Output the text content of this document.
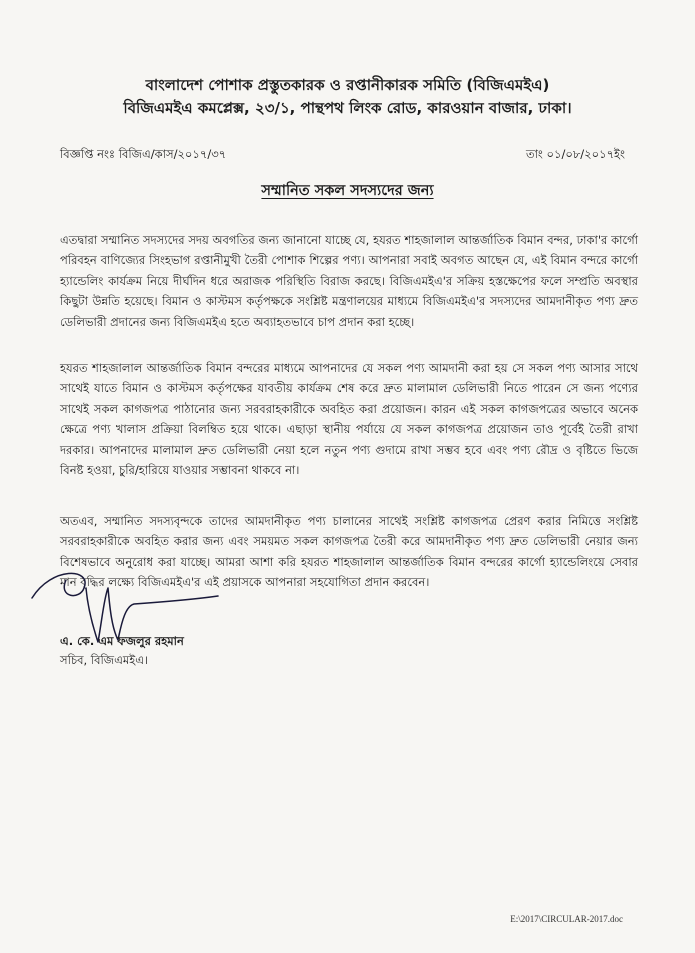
বাংলাদেশ পোশাক প্রস্তুতকারক ও রপ্তানীকারক সমিতি (বিজিএমইএ)
বিজিএমইএ কমপ্লেক্স, ২৩/১, পান্থপথ লিংক রোড, কারওয়ান বাজার, ঢাকা।
বিজ্ঞপ্তি নংঃ বিজিএ/কাস/২০১৭/৩৭	তাং ০১/০৮/২০১৭ইং
সম্মানিত সকল সদস্যদের জন্য

এতদ্বারা সম্মানিত সদস্যদের সদয় অবগতির জন্য জানানো যাচ্ছে যে, হযরত শাহজালাল আন্তর্জাতিক বিমান বন্দর, ঢাকা'র কার্গো পরিবহন বাণিজ্যের সিংহভাগ রপ্তানীমুখী তৈরী পোশাক শিল্পের পণ্য। আপনারা সবাই অবগত আছেন যে, এই বিমান বন্দরে কার্গো হ্যান্ডেলিং কার্যক্রম নিয়ে দীর্ঘদিন ধরে অরাজক পরিস্থিতি বিরাজ করছে। বিজিএমইএ'র সক্রিয় হস্তক্ষেপের ফলে সম্প্রতি অবস্থার কিছুটা উন্নতি হয়েছে। বিমান ও কাস্টমস কর্তৃপক্ষকে সংশ্লিষ্ট মন্ত্রণালয়ের মাধ্যমে বিজিএমইএ'র সদস্যদের আমদানীকৃত পণ্য দ্রুত ডেলিভারী প্রদানের জন্য বিজিএমইএ হতে অব্যাহতভাবে চাপ প্রদান করা হচ্ছে।

হযরত শাহজালাল আন্তর্জাতিক বিমান বন্দরের মাধ্যমে আপনাদের যে সকল পণ্য আমদানী করা হয় সে সকল পণ্য আসার সাথে সাথেই যাতে বিমান ও কাস্টমস কর্তৃপক্ষের যাবতীয় কার্যক্রম শেষ করে দ্রুত মালামাল ডেলিভারী নিতে পারেন সে জন্য পণ্যের সাথেই সকল কাগজপত্র পাঠানোর জন্য সরবরাহকারীকে অবহিত করা প্রয়োজন। কারন এই সকল কাগজপত্রের অভাবে অনেক ক্ষেত্রে পণ্য খালাস প্রক্রিয়া বিলম্বিত হয়ে থাকে। এছাড়া স্থানীয় পর্যায়ে যে সকল কাগজপত্র প্রয়োজন তাও পূর্বেই তৈরী রাখা দরকার। আপনাদের মালামাল দ্রুত ডেলিভারী নেয়া হলে নতুন পণ্য গুদামে রাখা সম্ভব হবে এবং পণ্য রৌদ্র ও বৃষ্টিতে ভিজে বিনষ্ট হওয়া, চুরি/হারিয়ে যাওয়ার সম্ভাবনা থাকবে না।

অতএব, সম্মানিত সদস্যবৃন্দকে তাদের আমদানীকৃত পণ্য চালানের সাথেই সংশ্লিষ্ট কাগজপত্র প্রেরণ করার নিমিত্তে সংশ্লিষ্ট সরবরাহকারীকে অবহিত করার জন্য এবং সময়মত সকল কাগজপত্র তৈরী করে আমদানীকৃত পণ্য দ্রুত ডেলিভারী নেয়ার জন্য বিশেষভাবে অনুরোধ করা যাচ্ছে। আমরা আশা করি হযরত শাহজালাল আন্তর্জাতিক বিমান বন্দরের কার্গো হ্যান্ডেলিংয়ে সেবার মান বৃদ্ধির লক্ষ্যে বিজিএমইএ'র এই প্রয়াসকে আপনারা সহযোগিতা প্রদান করবেন।

এ. কে. এম ফজলুর রহমান
সচিব, বিজিএমইএ।
E:\2017\CIRCULAR-2017.doc
